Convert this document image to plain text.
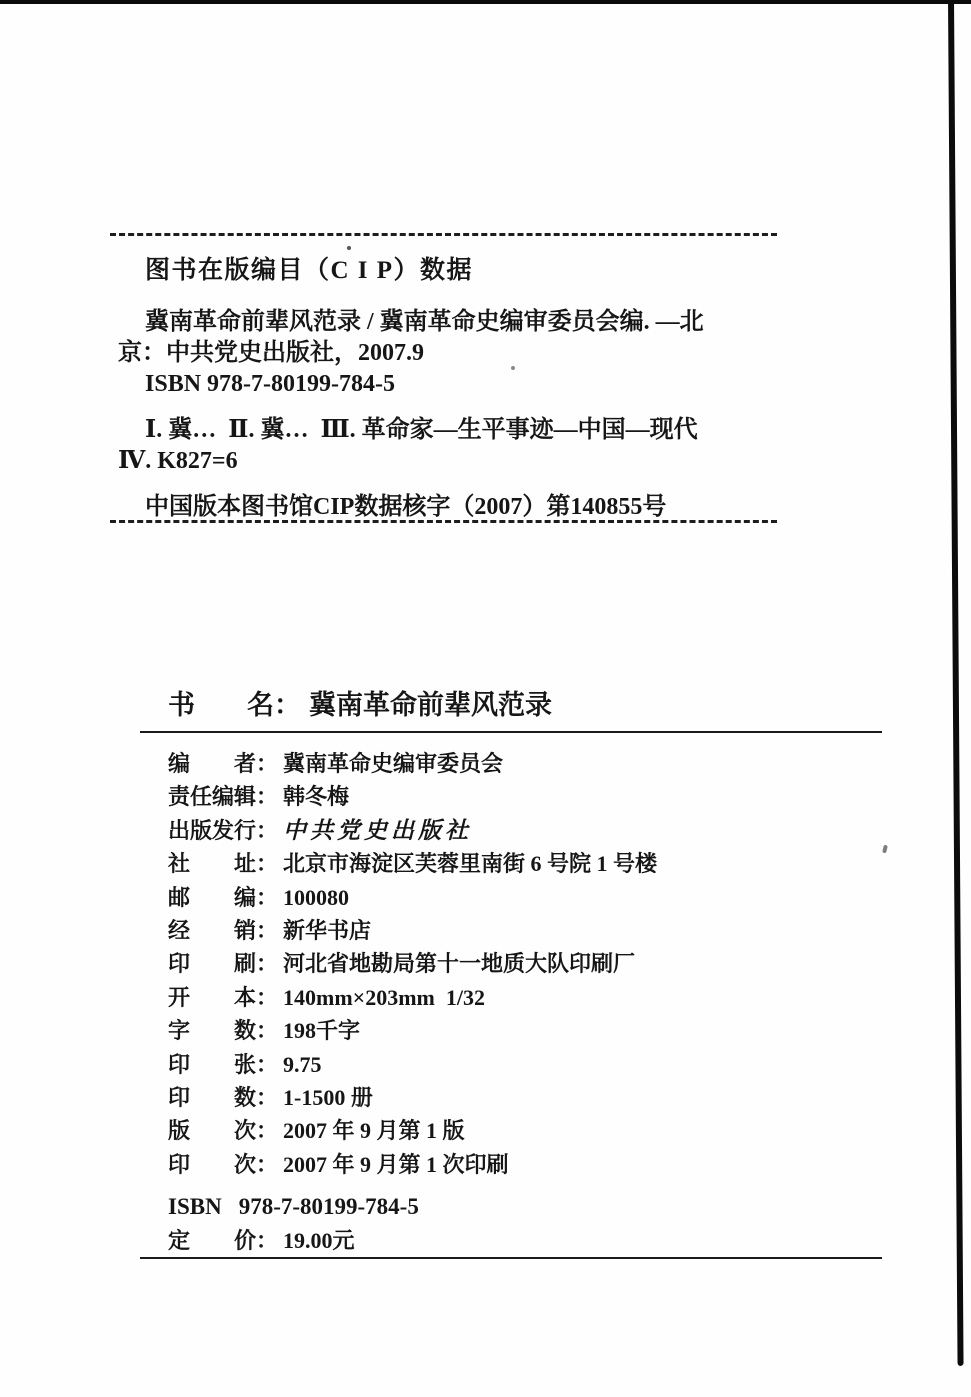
图书在版编目（C I P）数据
冀南革命前辈风范录 / 冀南革命史编审委员会编. —北
京：中共党史出版社，2007.9
ISBN 978-7-80199-784-5
Ⅰ. 冀…  Ⅱ. 冀…  Ⅲ. 革命家—生平事迹—中国—现代
Ⅳ. K827=6
中国版本图书馆CIP数据核字（2007）第140855号
书 名 ： 冀南革命前辈风范录
编 者 ： 冀南革命史编审委员会
责 任 编 辑 ： 韩冬梅
出 版 发 行 ： 中共党史出版社
社 址 ： 北京市海淀区芙蓉里南街 6 号院 1 号楼
邮 编 ： 100080
经 销 ： 新华书店
印 刷 ： 河北省地勘局第十一地质大队印刷厂
开 本 ： 140mm×203mm  1/32
字 数 ： 198千字
印 张 ： 9.75
印 数 ： 1-1500 册
版 次 ： 2007 年 9 月第 1 版
印 次 ： 2007 年 9 月第 1 次印刷
ISBN 978-7-80199-784-5
定 价 ： 19.00元
